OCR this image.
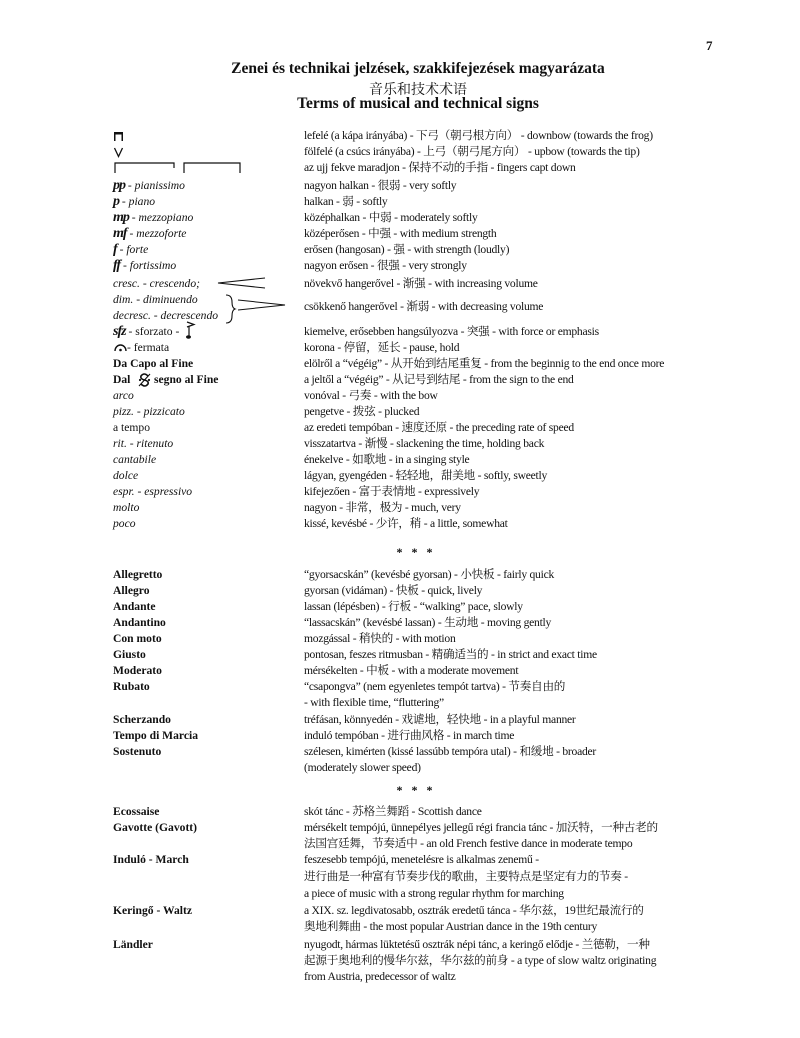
7
Zenei és technikai jelzések, szakkifejezések magyarázata
音乐和技术术语
Terms of musical and technical signs
lefelé (a kápa irányába) - 下弓（朝弓根方向） - downbow (towards the frog)
fölfelé (a csúcs irányába) - 上弓（朝弓尾方向） - upbow (towards the tip)
az ujj fekve maradjon - 保持不动的手指 - fingers capt down
pp - pianissimo	nagyon halkan - 很弱 - very softly
p - piano	halkan - 弱 - softly
mp - mezzopiano	középhalkan - 中弱 - moderately softly
mf - mezzoforte	középerősen - 中强 - with medium strength
f - forte	erősen (hangosan) - 强 - with strength (loudly)
ff - fortissimo	nagyon erősen - 很强 - very strongly
cresc. - crescendo;	növekvő hangerővel - 渐强 - with increasing volume
dim. - diminuendo
decresc. - decrescendo
csökkenő hangerővel - 渐弱 - with decreasing volume
sfz - sforzato -	kiemelve, erősebben hangsúlyozva - 突强 - with force or emphasis
- fermata	korona - 停留，延长 - pause, hold
Da Capo al Fine	elölről a “végéig” - 从开始到结尾重复 - from the beginnig to the end once more
Dal segno al Fine	a jeltől a “végéig” - 从记号到结尾 - from the sign to the end
arco	vonóval - 弓奏 - with the bow
pizz. - pizzicato	pengetve - 拨弦 - plucked
a tempo	az eredeti tempóban - 速度还原 - the preceding rate of speed
rit. - ritenuto	visszatartva - 渐慢 - slackening the time, holding back
cantabile	énekelve - 如歌地 - in a singing style
dolce	lágyan, gyengéden - 轻轻地，甜美地 - softly, sweetly
espr. - espressivo	kifejezően - 富于表情地 - expressively
molto	nagyon - 非常，极为 - much, very
poco	kissé, kevésbé - 少许，稍 - a little, somewhat
* * *
Allegretto	“gyorsacskán” (kevésbé gyorsan) - 小快板 - fairly quick
Allegro	gyorsan (vidáman) - 快板 - quick, lively
Andante	lassan (lépésben) - 行板 - “walking” pace, slowly
Andantino	“lassacskán” (kevésbé lassan) - 生动地 - moving gently
Con moto	mozgással - 稍快的 - with motion
Giusto	pontosan, feszes ritmusban - 精确适当的 - in strict and exact time
Moderato	mérsékelten - 中板 - with a moderate movement
Rubato	“csapongva” (nem egyenletes tempót tartva) - 节奏自由的
- with flexible time, “fluttering”
Scherzando	tréfásan, könnyedén - 戏谑地，轻快地 - in a playful manner
Tempo di Marcia	induló tempóban - 进行曲风格 - in march time
Sostenuto	szélesen, kimérten (kissé lassúbb tempóra utal) - 和缓地 - broader
(moderately slower speed)
* * *
Ecossaise	skót tánc - 苏格兰舞蹈 - Scottish dance
Gavotte (Gavott)	mérsékelt tempójú, ünnepélyes jellegű régi francia tánc - 加沃特，一种古老的
法国宫廷舞，节奏适中 - an old French festive dance in moderate tempo
Induló - March	feszesebb tempójú, menetelésre is alkalmas zenemű -
进行曲是一种富有节奏步伐的歌曲，主要特点是坚定有力的节奏 -
a piece of music with a strong regular rhythm for marching
Keringő - Waltz	a XIX. sz. legdivatosabb, osztrák eredetű tánca - 华尔兹，19世纪最流行的
奥地利舞曲 - the most popular Austrian dance in the 19th century
Ländler	nyugodt, hármas lüktetésű osztrák népi tánc, a keringő elődje - 兰德勒，一种
起源于奥地利的慢华尔兹，华尔兹的前身 - a type of slow waltz originating
from Austria, predecessor of waltz
